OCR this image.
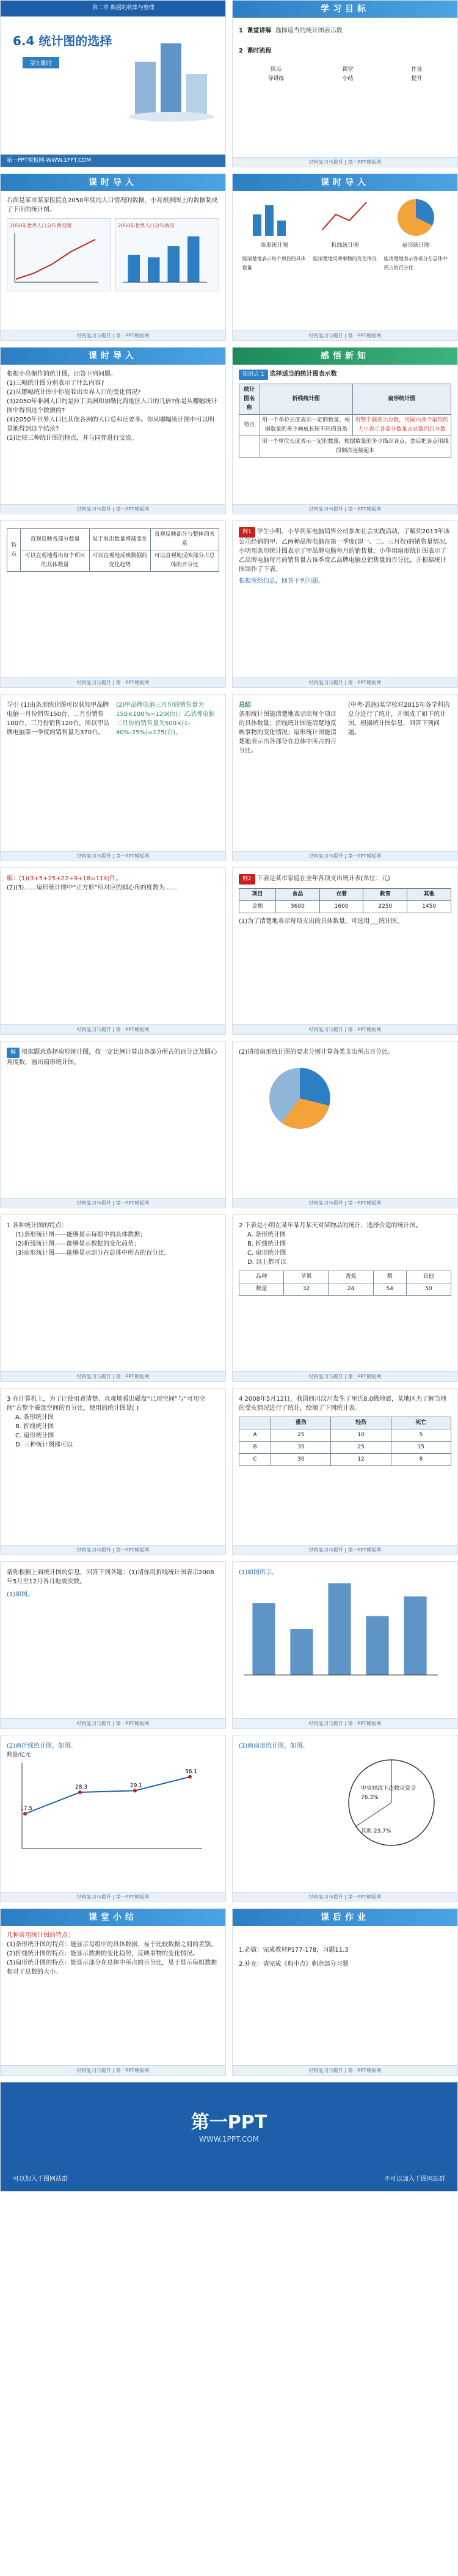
第二章 数据的收集与整理
6.4 统计图的选择
第1课时
第一PPT模板网-WWW.1PPT.COM
学习目标
1 课堂讲解 选择适当的统计图表示数
2 课时流程
探点
导讲练
课堂
小结
作业
提升
结构复习与提升 | 第一PPT模板网
课时导入
右面是某市某家医院在2050年度的人口情况的数据，小亮根据图上的数据制成了下面的统计图。
2050年世界人口分布情况图	2050年世界人口分布情况
结构复习与提升 | 第一PPT模板网
课时导入
条形统计图	折线统计图	扇形统计图
能清楚地表示每个项目的具体数量
能清楚地反映事物的变化情况 能清楚地表示各部分在总体中所占的百分比
结构复习与提升 | 第一PPT模板网
课时导入
根据小亮制作的统计图，回答下列问题。
(1)三幅统计图分别表示了什么内容?
(2)从哪幅统计图中你能看出世界人口的变化情况?
(3)2050年非洲人口约是拉丁美洲和加勒比海地区人口的几倍?你是从哪幅统计图中得到这个数据的?
(4)2050年世界人口比其他各洲的人口总和还要多。你从哪幅统计图中可以明显地得到这个结论?
(5)比较三种统计图的特点，并与同伴进行交流。
结构复习与提升 | 第一PPT模板网
感悟新知
知识点 1 选择适当的统计图表示数
统计图名称	折线统计图	扇形统计图
特点	用一个单位长度表示一定的数量，根据数量的多少画成长短不同的直条	用整个圆表示总数，用圆内各个扇形的大小表示各部分数量占总数的百分数
	用一个单位长度表示一定的数量，根据数量的多少描出各点，然后把各点用线段顺次连接起来	
结构复习与提升 | 第一PPT模板网
特点	直观反映各部分数量	易于看出数量增减变化	直观反映部分与整体的关系
	可以直观地看出每个项目的具体数量	可以直观地反映数据的变化趋势	可以直观地反映部分占总体的百分比
结构复习与提升 | 第一PPT模板网
例1 学生小明、小华到某电脑销售公司参加社会实践活动，了解到2013年该公司经销的甲、乙两种品牌电脑在第一季度(即一、二、三月份)的销售量情况。小明用条形统计图表示了甲品牌电脑每月的销售量，小华用扇形统计图表示了乙品牌电脑每月的销售量占该季度乙品牌电脑总销售量的百分比，并根据统计图制作了下表。
根据所给信息，回答下列问题。
结构复习与提升 | 第一PPT模板网
导引 (1)由条形统计图可以获知甲品牌电脑一月份销售150台，二月份销售100台，三月份销售120台，所以甲品牌电脑第一季度的销售量为370台。
(2)甲品牌电脑三月份的销售量为150×100%=120(台)；乙品牌电脑二月份的销售量为500×(1-40%-25%)=175(台)。
结构复习与提升 | 第一PPT模板网
总结
条形统计图能清楚地表示出每个项目的具体数量；折线统计图能清楚地反映事物的变化情况；扇形统计图能清楚地表示出各部分在总体中所占的百分比。
(中考·恩施)某学校对2015年各学科的总分进行了统计，并制成了如下统计图。根据统计图信息，回答下列问题。
结构复习与提升 | 第一PPT模板网
解：(1)(3+5+25+22+9+18=114)件。
(2)(3)……扇形统计图中“正方形”所对应的圆心角的度数为……
结构复习与提升 | 第一PPT模板网
例2 下表是某市家庭在全年各项支出统计表(单位：元)
项目	食品	衣着	教育	其他
金额	3600	1600	2250	1450
(1)为了清楚地表示每项支出的具体数量，可选用___统计图。
结构复习与提升 | 第一PPT模板网
解 根据题意选择扇形统计图，按一定比例计算出各部分所占的百分比及圆心角度数，画出扇形统计图。
结构复习与提升 | 第一PPT模板网
(2)请按扇形统计图的要求分别计算各类支出所占百分比。
结构复习与提升 | 第一PPT模板网
1 各种统计图的特点：
(1)条形统计图——能够显示每组中的具体数据；
(2)折线统计图——能够显示数据的变化趋势；
(3)扇形统计图——能够显示部分在总体中所占的百分比。
结构复习与提升 | 第一PPT模板网
2 下表是小明在某年某月某天对某物品的统计，选择合适的统计图。
A. 条形统计图
B. 折线统计图
C. 扇形统计图
D. 以上都可以
品种	苹果	香蕉	梨	其他
数量	32	24	54	50
结构复习与提升 | 第一PPT模板网
3 在计算机上，为了让使用者清楚、直观地看出磁盘“已用空间”与“可用空间”占整个磁盘空间的百分比，使用的统计图是( )
A. 条形统计图
B. 折线统计图
C. 扇形统计图
D. 三种统计图都可以
结构复习与提升 | 第一PPT模板网
4 2008年5月12日，我国四川汶川发生了里氏8.0级地震，某地区为了解当地的受灾情况进行了统计，绘制了下列统计表。
	重伤	轻伤	死亡
A	25	10	5
B	35	25	15
C	30	12	8
结构复习与提升 | 第一PPT模板网
请你根据上面统计图的信息，回答下列各题：(1)请你用折线统计图表示2008年5月至12月各月地震次数。
(1)如图。
结构复习与提升 | 第一PPT模板网
(1)如图所示。
结构复习与提升 | 第一PPT模板网
(2)画折线统计图，如图。
数量/亿元
17.5
28.3	29.1
36.1
结构复习与提升 | 第一PPT模板网
(3)画扇形统计图，如图。
中央财政下达救灾资金 76.3%
其他 23.7%
结构复习与提升 | 第一PPT模板网
课堂小结
几种常用统计图的特点：
(1)条形统计图的特点：能显示每组中的具体数据，易于比较数据之间的差别。
(2)折线统计图的特点：能显示数据的变化趋势，反映事物的变化情况。
(3)扇形统计图的特点：能显示部分在总体中所占的百分比，易于显示每组数据相对于总数的大小。
结构复习与提升 | 第一PPT模板网
课后作业
1.必做：完成教材P177-178，习题11.3
2.补充：请完成《典中点》剩余部分习题
结构复习与提升 | 第一PPT模板网
第一PPT
WWW.1PPT.COM
可以加入千图网站群	不可以加入千图网站群
